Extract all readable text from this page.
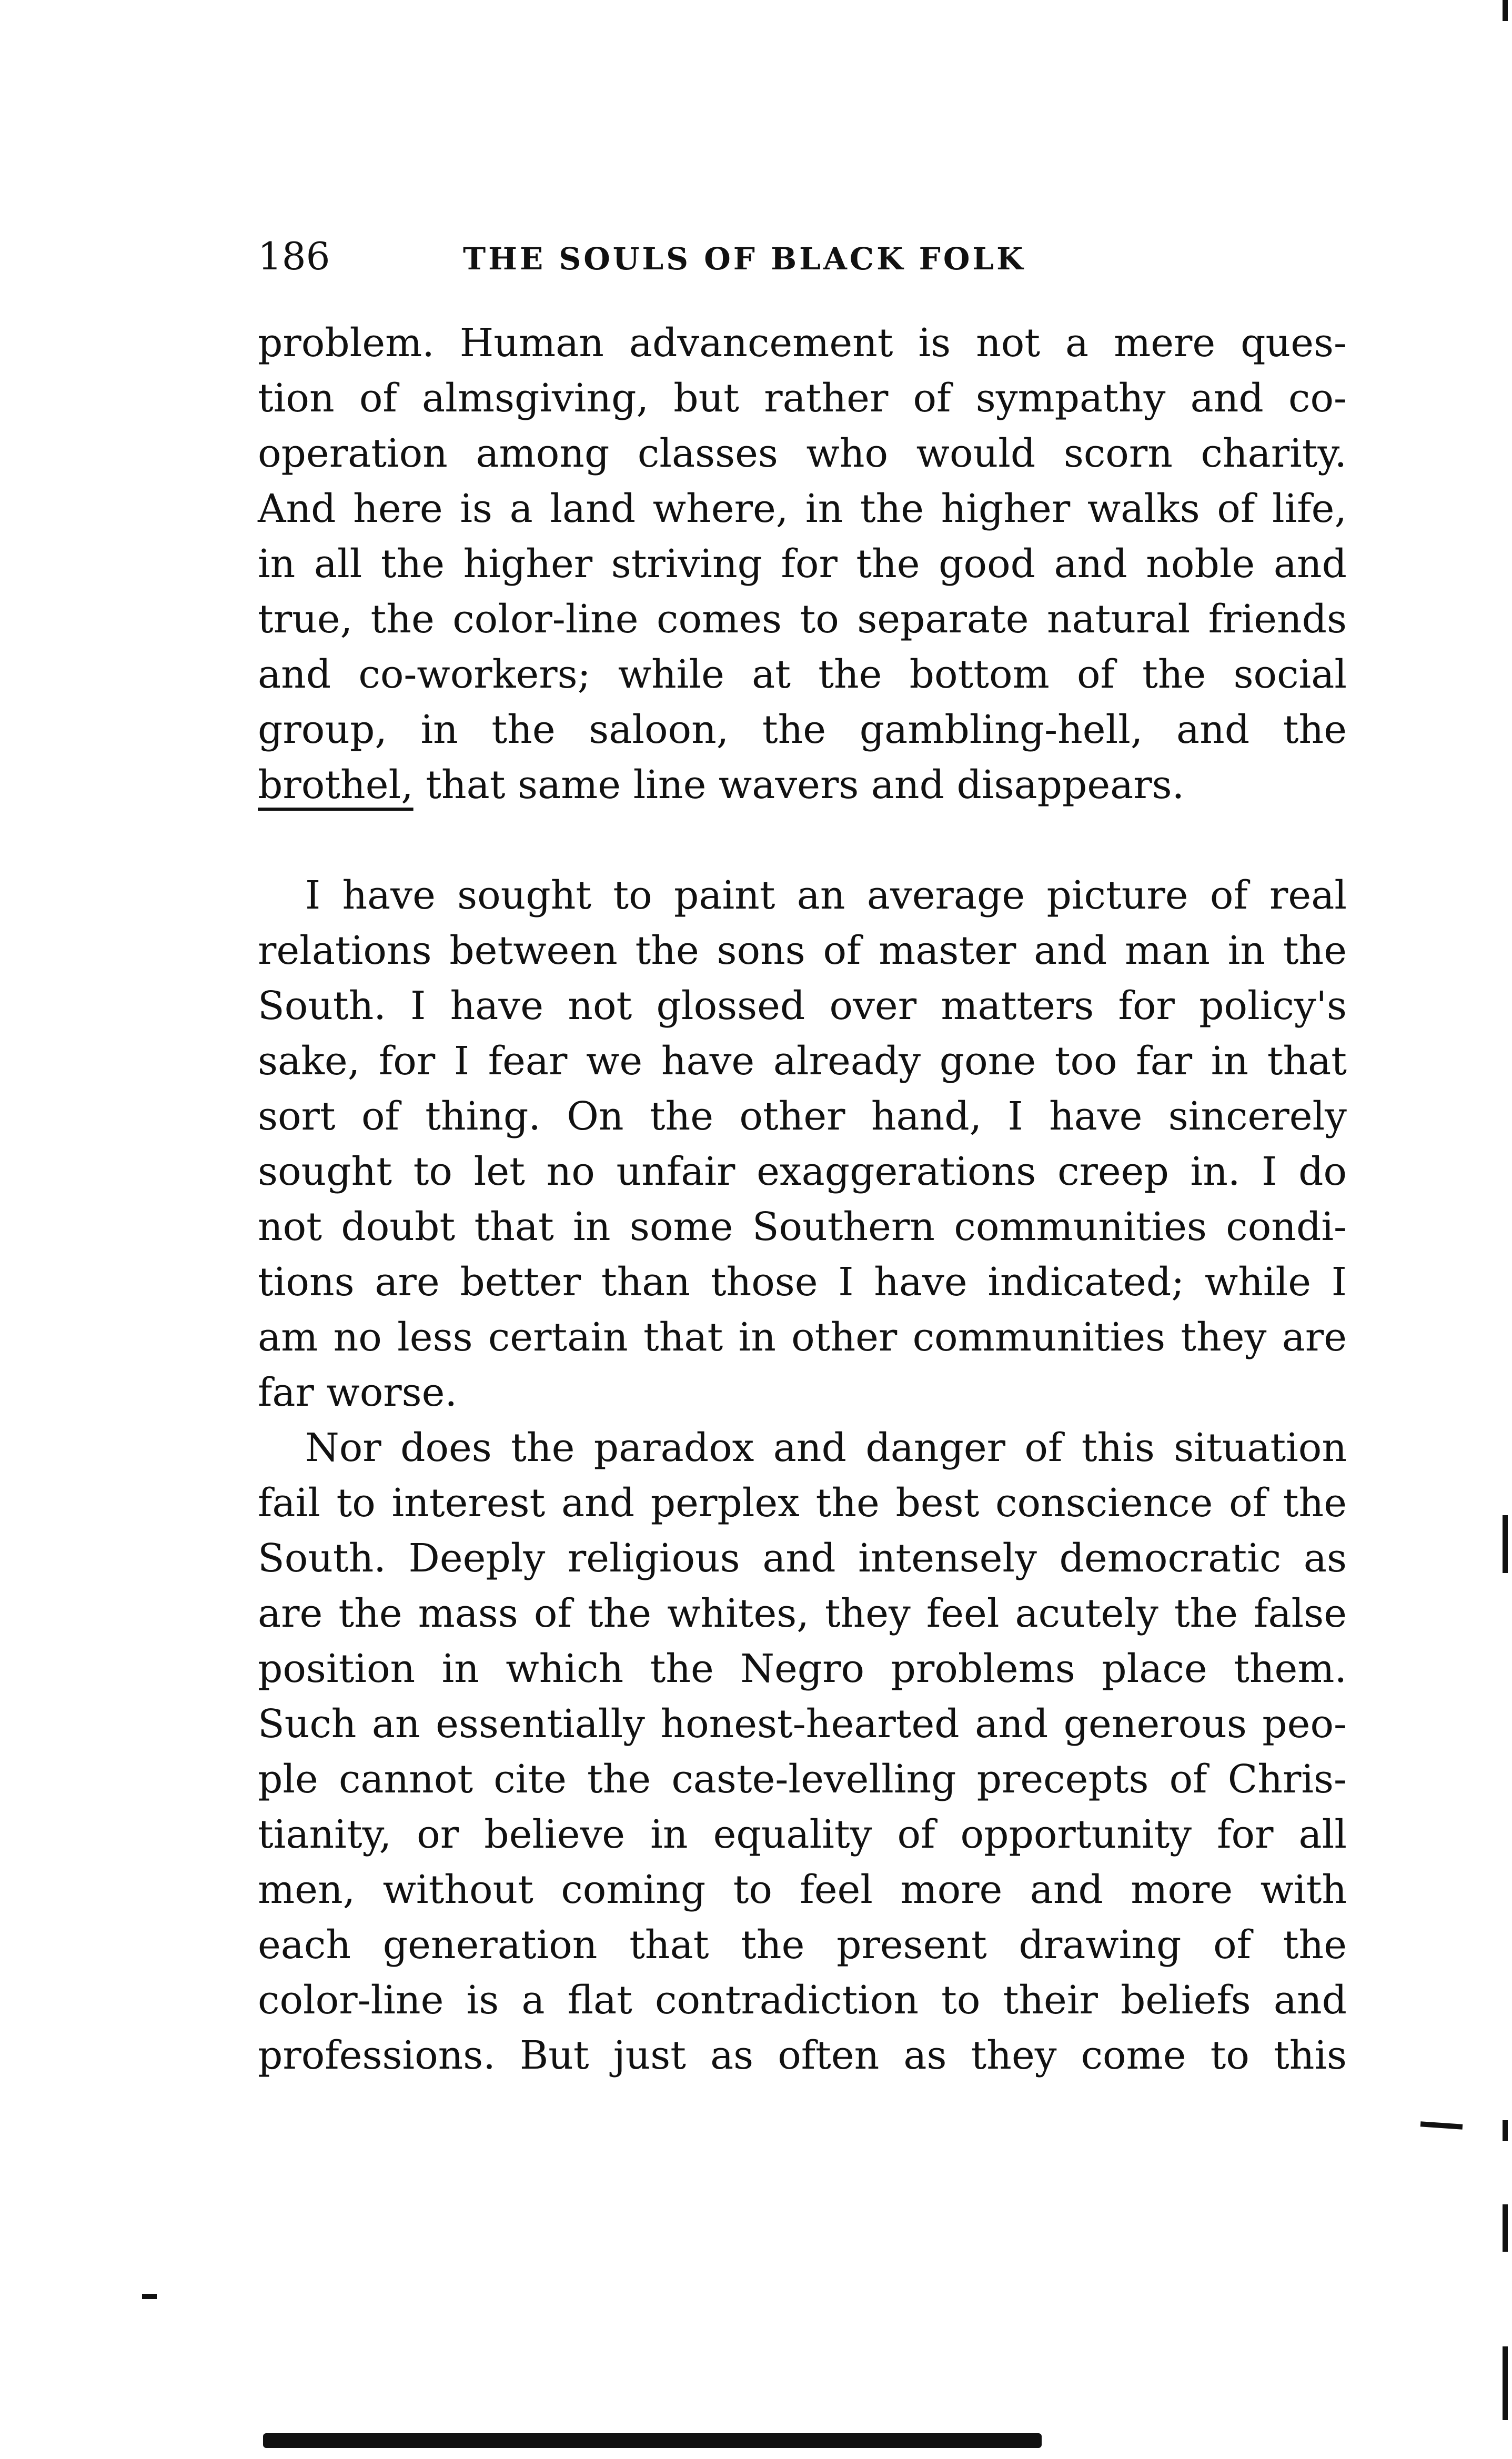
186	THE SOULS OF BLACK FOLK
problem. Human advancement is not a mere ques-
tion of almsgiving, but rather of sympathy and co-
operation among classes who would scorn charity.
And here is a land where, in the higher walks of life,
in all the higher striving for the good and noble and
true, the color-line comes to separate natural friends
and co-workers; while at the bottom of the social
group, in the saloon, the gambling-hell, and the
brothel, that same line wavers and disappears.
I have sought to paint an average picture of real
relations between the sons of master and man in the
South. I have not glossed over matters for policy's
sake, for I fear we have already gone too far in that
sort of thing. On the other hand, I have sincerely
sought to let no unfair exaggerations creep in. I do
not doubt that in some Southern communities condi-
tions are better than those I have indicated; while I
am no less certain that in other communities they are
far worse.
Nor does the paradox and danger of this situation
fail to interest and perplex the best conscience of the
South. Deeply religious and intensely democratic as
are the mass of the whites, they feel acutely the false
position in which the Negro problems place them.
Such an essentially honest-hearted and generous peo-
ple cannot cite the caste-levelling precepts of Chris-
tianity, or believe in equality of opportunity for all
men, without coming to feel more and more with
each generation that the present drawing of the
color-line is a flat contradiction to their beliefs and
professions. But just as often as they come to this
